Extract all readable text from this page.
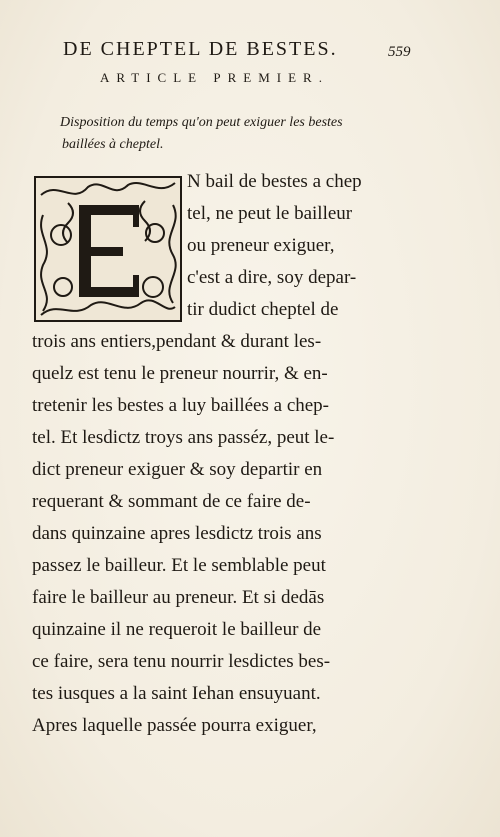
DE CHEPTEL DE BESTES.	559
ARTICLE PREMIER.
Disposition du temps qu'on peut exiguer les bestes
baillées à cheptel.
N bail de bestes a chep
tel, ne peut le bailleur
ou preneur exiguer,
c'est a dire, soy depar-
tir dudict cheptel de
trois ans entiers,pendant & durant les-
quelz est tenu le preneur nourrir, & en-
tretenir les bestes a luy baillées a chep-
tel. Et lesdictz troys ans passéz, peut le-
dict preneur exiguer & soy departir en
requerant & sommant de ce faire de-
dans quinzaine apres lesdictz trois ans
passez le bailleur. Et le semblable peut
faire le bailleur au preneur. Et si dedās
quinzaine il ne requeroit le bailleur de
ce faire, sera tenu nourrir lesdictes bes-
tes iusques a la saint Iehan ensuyuant.
Apres laquelle passée pourra exiguer,
